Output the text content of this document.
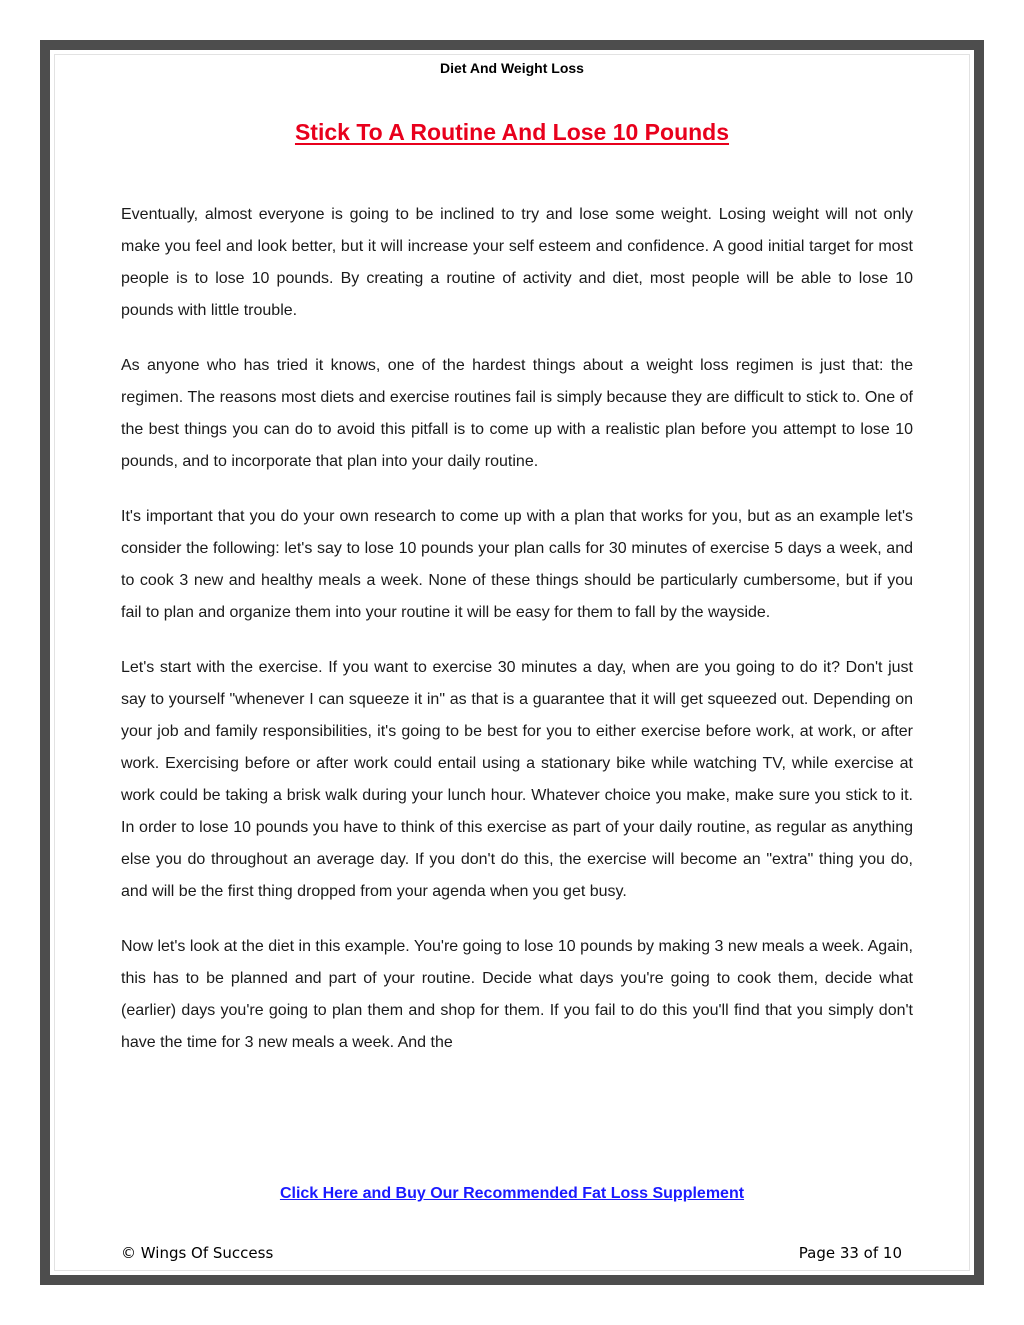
Diet And Weight Loss
Stick To A Routine And Lose 10 Pounds

Eventually, almost everyone is going to be inclined to try and lose some weight. Losing weight will not only make you feel and look better, but it will increase your self esteem and confidence. A good initial target for most people is to lose 10 pounds. By creating a routine of activity and diet, most people will be able to lose 10 pounds with little trouble.

As anyone who has tried it knows, one of the hardest things about a weight loss regimen is just that: the regimen. The reasons most diets and exercise routines fail is simply because they are difficult to stick to. One of the best things you can do to avoid this pitfall is to come up with a realistic plan before you attempt to lose 10 pounds, and to incorporate that plan into your daily routine.

It's important that you do your own research to come up with a plan that works for you, but as an example let's consider the following: let's say to lose 10 pounds your plan calls for 30 minutes of exercise 5 days a week, and to cook 3 new and healthy meals a week. None of these things should be particularly cumbersome, but if you fail to plan and organize them into your routine it will be easy for them to fall by the wayside.

Let's start with the exercise. If you want to exercise 30 minutes a day, when are you going to do it? Don't just say to yourself "whenever I can squeeze it in" as that is a guarantee that it will get squeezed out. Depending on your job and family responsibilities, it's going to be best for you to either exercise before work, at work, or after work. Exercising before or after work could entail using a stationary bike while watching TV, while exercise at work could be taking a brisk walk during your lunch hour. Whatever choice you make, make sure you stick to it. In order to lose 10 pounds you have to think of this exercise as part of your daily routine, as regular as anything else you do throughout an average day. If you don't do this, the exercise will become an "extra" thing you do, and will be the first thing dropped from your agenda when you get busy.

Now let's look at the diet in this example. You're going to lose 10 pounds by making 3 new meals a week. Again, this has to be planned and part of your routine. Decide what days you're going to cook them, decide what (earlier) days you're going to plan them and shop for them. If you fail to do this you'll find that you simply don't have the time for 3 new meals a week. And the

Click Here and Buy Our Recommended Fat Loss Supplement
© Wings Of Success	Page 33 of 10
